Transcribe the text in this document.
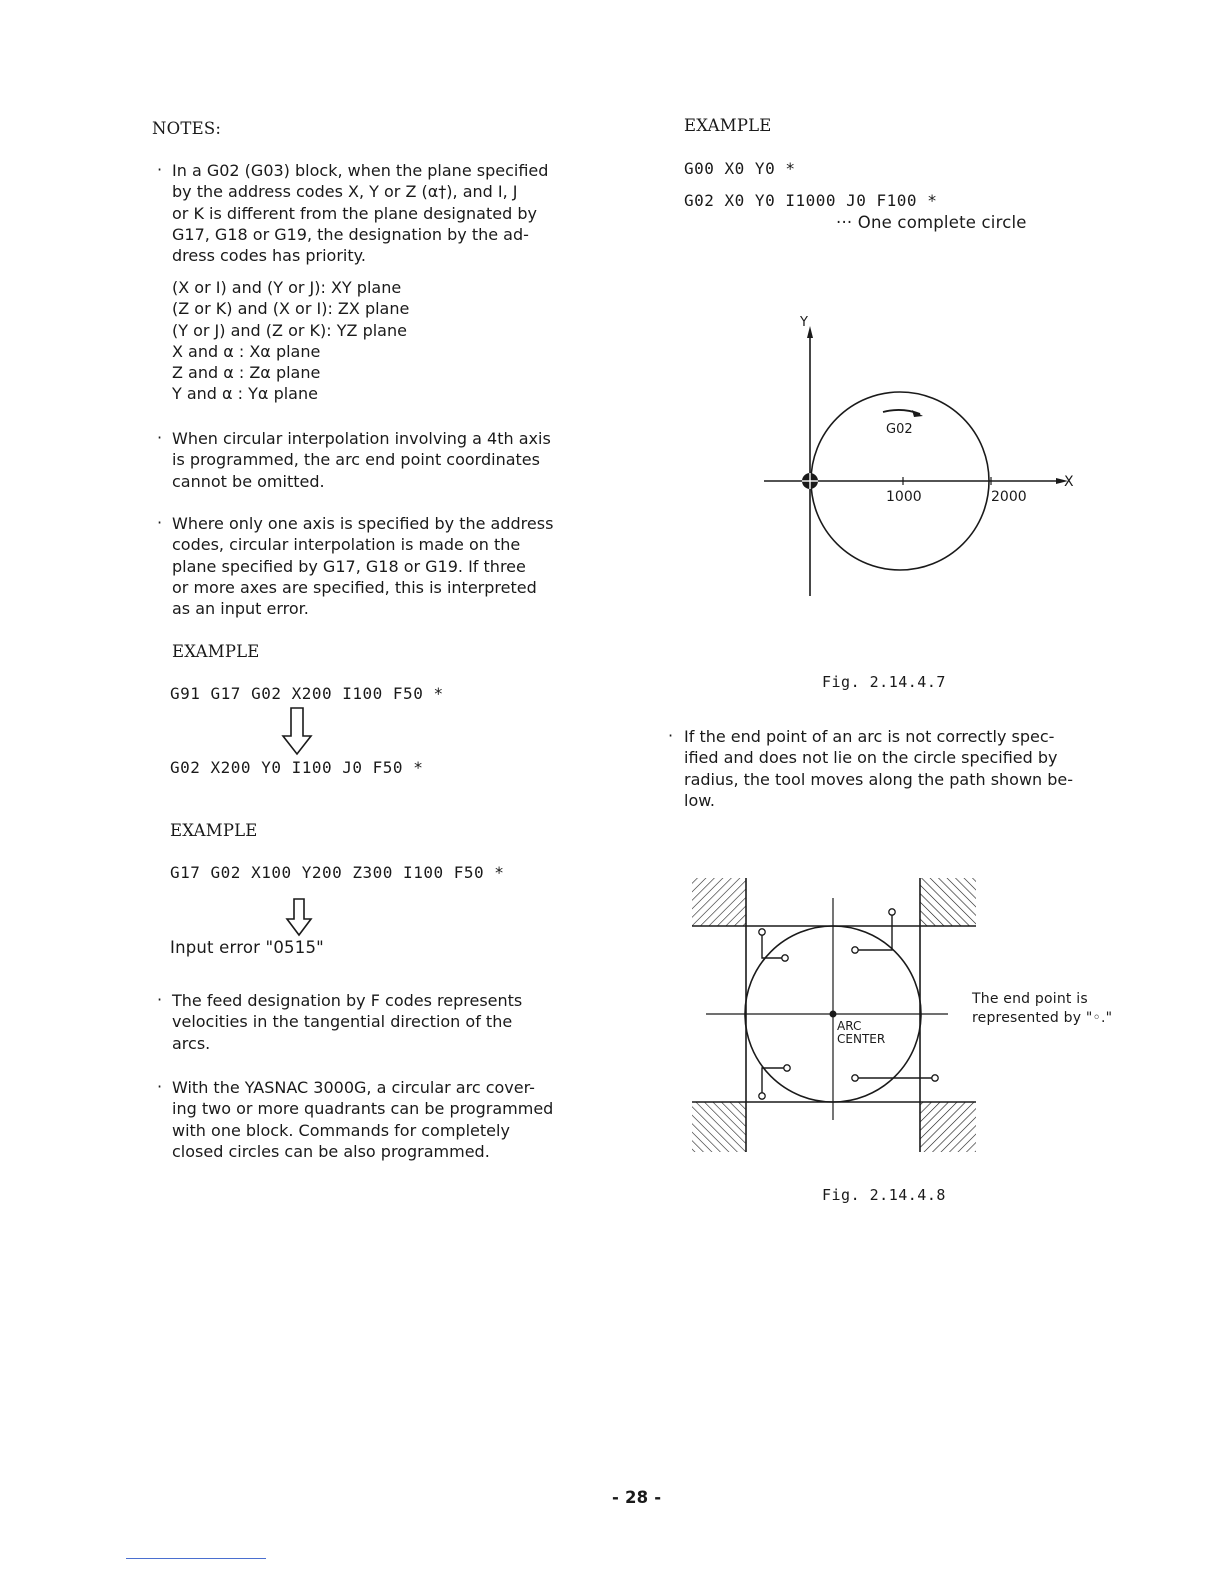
NOTES:
· In a G02 (G03) block, when the plane specified
by the address codes X, Y or Z (α†), and I, J
or K is different from the plane designated by
G17, G18 or G19, the designation by the ad-
dress codes has priority.
(X or I) and (Y or J): XY plane
(Z or K) and (X or I): ZX plane
(Y or J) and (Z or K): YZ plane
X and α : Xα plane
Z and α : Zα plane
Y and α : Yα plane
· When circular interpolation involving a 4th axis
is programmed, the arc end point coordinates
cannot be omitted.
· Where only one axis is specified by the address
codes, circular interpolation is made on the
plane specified by G17, G18 or G19. If three
or more axes are specified, this is interpreted
as an input error.
EXAMPLE
G91 G17 G02 X200 I100 F50 *
G02 X200 Y0 I100 J0 F50 *
EXAMPLE
G17 G02 X100 Y200 Z300 I100 F50 *
Input error "0515"
· The feed designation by F codes represents
velocities in the tangential direction of the
arcs.
· With the YASNAC 3000G, a circular arc cover-
ing two or more quadrants can be programmed
with one block. Commands for completely
closed circles can be also programmed.
EXAMPLE
G00 X0 Y0 *
G02 X0 Y0 I1000 J0 F100 *
··· One complete circle
Y
X
G02
1000	2000
Fig. 2.14.4.7
· If the end point of an arc is not correctly spec-
ified and does not lie on the circle specified by
radius, the tool moves along the path shown be-
low.
ARC
CENTER
The end point is
represented by "◦."
Fig. 2.14.4.8
- 28 -
